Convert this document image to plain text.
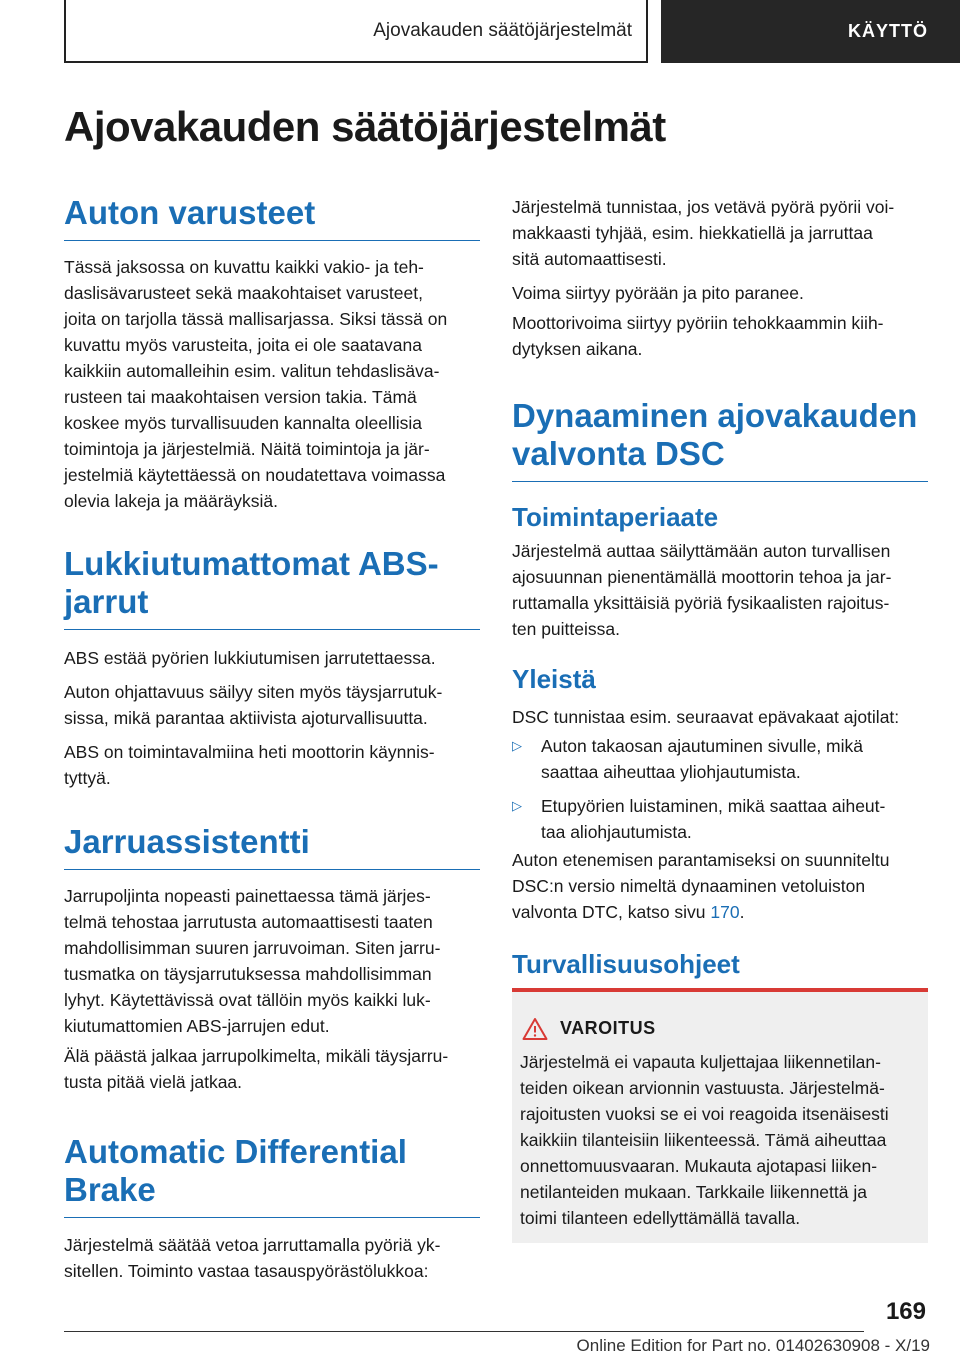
Ajovakauden säätöjärjestelmät	KÄYTTÖ
Ajovakauden säätöjärjestelmät
Auton varusteet

Tässä jaksossa on kuvattu kaikki vakio- ja teh-
daslisävarusteet sekä maakohtaiset varusteet,
joita on tarjolla tässä mallisarjassa. Siksi tässä on
kuvattu myös varusteita, joita ei ole saatavana
kaikkiin automalleihin esim. valitun tehdaslisäva-
rusteen tai maakohtaisen version takia. Tämä
koskee myös turvallisuuden kannalta oleellisia
toimintoja ja järjestelmiä. Näitä toimintoja ja jär-
jestelmiä käytettäessä on noudatettava voimassa
olevia lakeja ja määräyksiä.

Lukkiutumattomat ABS-
jarrut

ABS estää pyörien lukkiutumisen jarrutettaessa.

Auton ohjattavuus säilyy siten myös täysjarrutuk-
sissa, mikä parantaa aktiivista ajoturvallisuutta.

ABS on toimintavalmiina heti moottorin käynnis-
tyttyä.

Jarruassistentti

Jarrupoljinta nopeasti painettaessa tämä järjes-
telmä tehostaa jarrutusta automaattisesti taaten
mahdollisimman suuren jarruvoiman. Siten jarru-
tusmatka on täysjarrutuksessa mahdollisimman
lyhyt. Käytettävissä ovat tällöin myös kaikki luk-
kiutumattomien ABS-jarrujen edut.

Älä päästä jalkaa jarrupolkimelta, mikäli täysjarru-
tusta pitää vielä jatkaa.

Automatic Differential
Brake

Järjestelmä säätää vetoa jarruttamalla pyöriä yk-
sitellen. Toiminto vastaa tasauspyörästölukkoa:

Järjestelmä tunnistaa, jos vetävä pyörä pyörii voi-
makkaasti tyhjää, esim. hiekkatiellä ja jarruttaa
sitä automaattisesti.

Voima siirtyy pyörään ja pito paranee.

Moottorivoima siirtyy pyöriin tehokkaammin kiih-
dytyksen aikana.

Dynaaminen ajovakauden
valvonta DSC
Toimintaperiaate

Järjestelmä auttaa säilyttämään auton turvallisen
ajosuunnan pienentämällä moottorin tehoa ja jar-
ruttamalla yksittäisiä pyöriä fysikaalisten rajoitus-
ten puitteissa.

Yleistä

DSC tunnistaa esim. seuraavat epävakaat ajotilat:

▷ Auton takaosan ajautuminen sivulle, mikä
saattaa aiheuttaa yliohjautumista.
▷ Etupyörien luistaminen, mikä saattaa aiheut-
taa aliohjautumista.

Auton etenemisen parantamiseksi on suunniteltu
DSC:n versio nimeltä dynaaminen vetoluiston
valvonta DTC, katso sivu 170.

Turvallisuusohjeet
VAROITUS

Järjestelmä ei vapauta kuljettajaa liikennetilan-
teiden oikean arvionnin vastuusta. Järjestelmä-
rajoitusten vuoksi se ei voi reagoida itsenäisesti
kaikkiin tilanteisiin liikenteessä. Tämä aiheuttaa
onnettomuusvaaran. Mukauta ajotapasi liiken-
netilanteiden mukaan. Tarkkaile liikennettä ja
toimi tilanteen edellyttämällä tavalla.

169
Online Edition for Part no. 01402630908 - X/19
